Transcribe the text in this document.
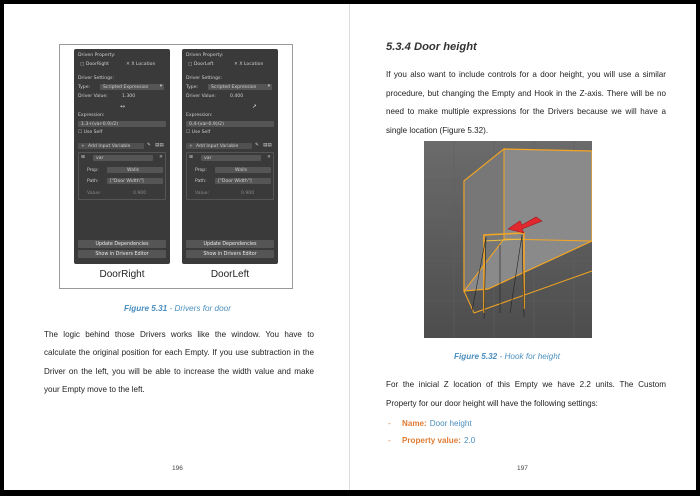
Driven Property:
▢ DoorRight	✕ X Location
Driver Settings:
Type:	Scripted Expression ▾
Driver Value:	1.300
↔
Expression:
1.3+(var-0.9)/2)
☐ Use Self
+ Add Input Variable	✎ ▤▤
var
⊞	✕
Prop:	Walls
Path: ["Door Width"]
Value:	0.900
Update Dependencies
Show in Drivers Editor
Driven Property:
▢ DoorLeft	✕ X Location
Driver Settings:
Type:	Scripted Expression ▾
Driver Value:	0.400
➚
Expression:
0.4-(var-0.9)/2)
☐ Use Self
+ Add Input Variable	✎ ▤▤
var
⊞	✕
Prop:	Walls
Path: ["Door Width"]
Value:	0.900
Update Dependencies
Show in Drivers Editor
DoorRight	DoorLeft
Figure 5.31 - Drivers for door

The logic behind those Drivers works like the window. You have to calculate the original position for each Empty. If you use subtraction in the Driver on the left, you will be able to increase the width value and make your Empty move to the left.

196
5.3.4 Door height

If you also want to include controls for a door height, you will use a similar procedure, but changing the Empty and Hook in the Z-axis. There will be no need to make multiple expressions for the Drivers because we will have a single location (Figure 5.32).

Figure 5.32 - Hook for height

For the inicial Z location of this Empty we have 2.2 units. The Custom Property for our door height will have the following settings:

-	Name: Door height
-	Property value: 2.0
197
